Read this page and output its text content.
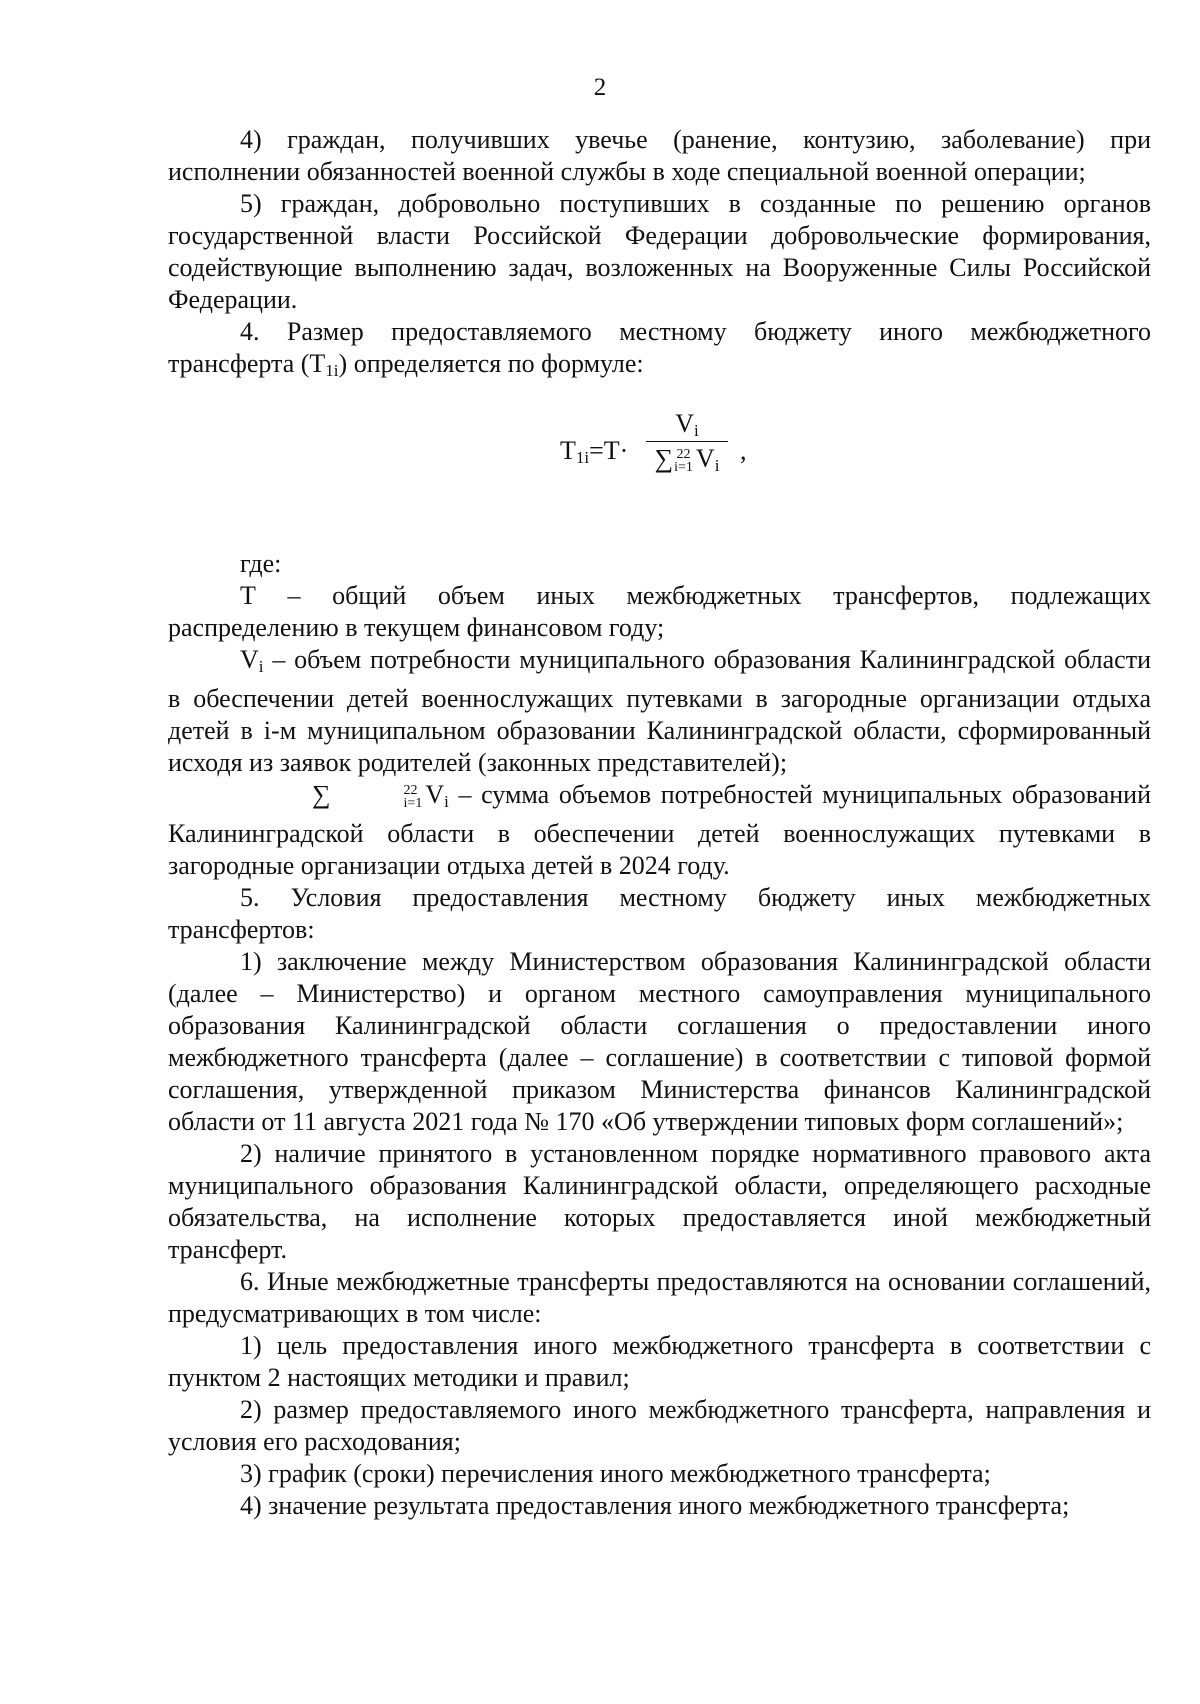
2

4) граждан, получивших увечье (ранение, контузию, заболевание) при исполнении обязанностей военной службы в ходе специальной военной операции;

5) граждан, добровольно поступивших в созданные по решению органов государственной власти Российской Федерации добровольческие формирования, содействующие выполнению задач, возложенных на Вооруженные Силы Российской Федерации.

4. Размер предоставляемого местному бюджету иного межбюджетного трансферта $(Т_{1i})$ определяется по формуле:

$T_{1i}=T\cdot$
$V_i$
∑ 22
i=1 $V_i$
,

где:

Т – общий объем иных межбюджетных трансфертов, подлежащих распределению в текущем финансовом году;

$V_i$ – объем потребности муниципального образования Калининградской области в обеспечении детей военнослужащих путевками в загородные организации отдыха детей в i-м муниципальном образовании Калининградской области, сформированный исходя из заявок родителей (законных представителей);

∑	22
i=1 $V_i$ – сумма объемов потребностей муниципальных образований Калининградской области в обеспечении детей военнослужащих путевками в загородные организации отдыха детей в 2024 году.

5. Условия предоставления местному бюджету иных межбюджетных трансфертов:

1) заключение между Министерством образования Калининградской области (далее – Министерство) и органом местного самоуправления муниципального образования Калининградской области соглашения о предоставлении иного межбюджетного трансферта (далее – соглашение) в соответствии с типовой формой соглашения, утвержденной приказом Министерства финансов Калининградской области от 11 августа 2021 года № 170 «Об утверждении типовых форм соглашений»;

2) наличие принятого в установленном порядке нормативного правового акта муниципального образования Калининградской области, определяющего расходные обязательства, на исполнение которых предоставляется иной межбюджетный трансферт.

6. Иные межбюджетные трансферты предоставляются на основании соглашений, предусматривающих в том числе:

1) цель предоставления иного межбюджетного трансферта в соответствии с пунктом 2 настоящих методики и правил;

2) размер предоставляемого иного межбюджетного трансферта, направления и условия его расходования;

3) график (сроки) перечисления иного межбюджетного трансферта;

4) значение результата предоставления иного межбюджетного трансферта;
